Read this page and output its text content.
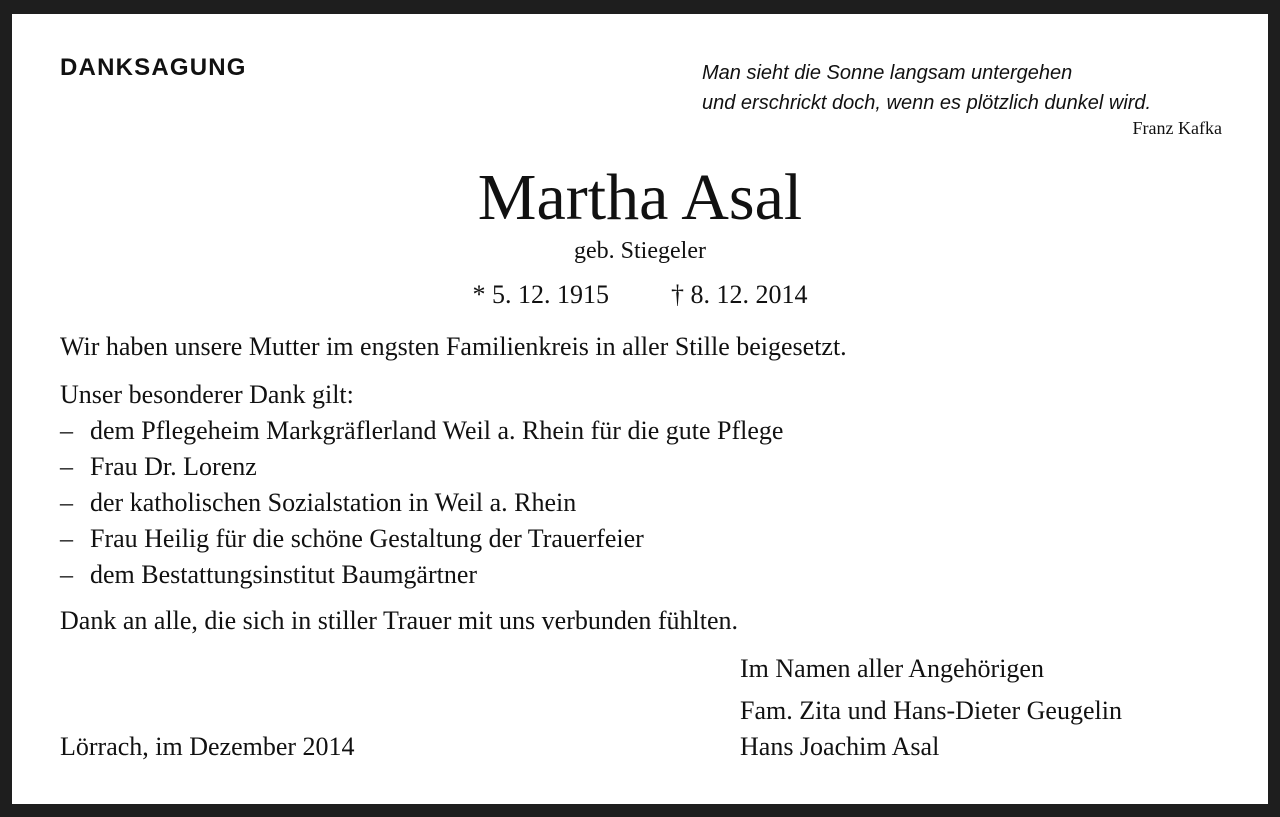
DANKSAGUNG	Man sieht die Sonne langsam untergehen
und erschrickt doch, wenn es plötzlich dunkel wird.
Franz Kafka
Martha Asal
geb. Stiegeler
* 5. 12. 1915 † 8. 12. 2014
Wir haben unsere Mutter im engsten Familienkreis in aller Stille beigesetzt.
Unser besonderer Dank gilt:
– dem Pflegeheim Markgräflerland Weil a. Rhein für die gute Pflege
– Frau Dr. Lorenz
– der katholischen Sozialstation in Weil a. Rhein
– Frau Heilig für die schöne Gestaltung der Trauerfeier
– dem Bestattungsinstitut Baumgärtner
Dank an alle, die sich in stiller Trauer mit uns verbunden fühlten.
Im Namen aller Angehörigen
Fam. Zita und Hans-Dieter Geugelin
Hans Joachim Asal
Lörrach, im Dezember 2014
